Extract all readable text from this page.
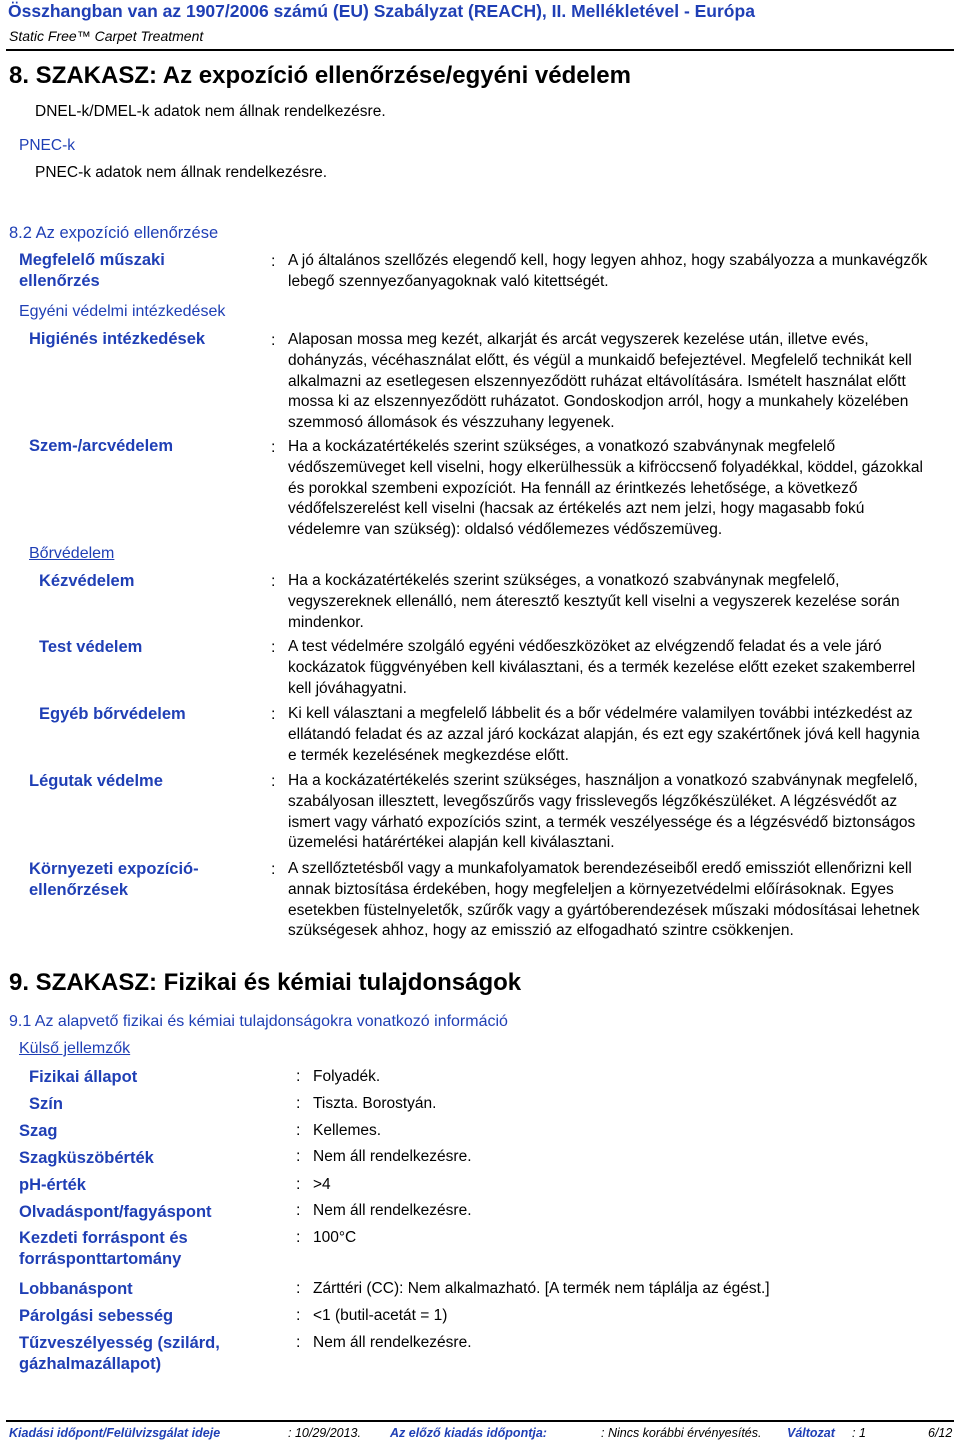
Összhangban van az 1907/2006 számú (EU) Szabályzat (REACH), II. Mellékletével - Európa
Static Free™ Carpet Treatment
8. SZAKASZ: Az expozíció ellenőrzése/egyéni védelem
DNEL-k/DMEL-k adatok nem állnak rendelkezésre.
PNEC-k
PNEC-k adatok nem állnak rendelkezésre.
8.2 Az expozíció ellenőrzése
Megfelelő műszaki ellenőrzés
: A jó általános szellőzés elegendő kell, hogy legyen ahhoz, hogy szabályozza a munkavégzők lebegő szennyezőanyagoknak való kitettségét.
Egyéni védelmi intézkedések
Higiénés intézkedések	: Alaposan mossa meg kezét, alkarját és arcát vegyszerek kezelése után, illetve evés, dohányzás, vécéhasználat előtt, és végül a munkaidő befejeztével. Megfelelő technikát kell alkalmazni az esetlegesen elszennyeződött ruházat eltávolítására. Ismételt használat előtt mossa ki az elszennyeződött ruházatot. Gondoskodjon arról, hogy a munkahely közelében szemmosó állomások és vészzuhany legyenek.
Szem-/arcvédelem	: Ha a kockázatértékelés szerint szükséges, a vonatkozó szabványnak megfelelő védőszemüveget kell viselni, hogy elkerülhessük a kifröccsenő folyadékkal, köddel, gázokkal és porokkal szembeni expozíciót. Ha fennáll az érintkezés lehetősége, a következő védőfelszerelést kell viselni (hacsak az értékelés azt nem jelzi, hogy magasabb fokú védelemre van szükség): oldalsó védőlemezes védőszemüveg.
Bőrvédelem
Kézvédelem	: Ha a kockázatértékelés szerint szükséges, a vonatkozó szabványnak megfelelő, vegyszereknek ellenálló, nem áteresztő kesztyűt kell viselni a vegyszerek kezelése során mindenkor.
Test védelem	: A test védelmére szolgáló egyéni védőeszközöket az elvégzendő feladat és a vele járó kockázatok függvényében kell kiválasztani, és a termék kezelése előtt ezeket szakemberrel kell jóváhagyatni.
Egyéb bőrvédelem	: Ki kell választani a megfelelő lábbelit és a bőr védelmére valamilyen további intézkedést az ellátandó feladat és az azzal járó kockázat alapján, és ezt egy szakértőnek jóvá kell hagynia e termék kezelésének megkezdése előtt.
Légutak védelme	: Ha a kockázatértékelés szerint szükséges, használjon a vonatkozó szabványnak megfelelő, szabályosan illesztett, levegőszűrős vagy frisslevegős légzőkészüléket. A légzésvédőt az ismert vagy várható expozíciós szint, a termék veszélyessége és a légzésvédő biztonságos üzemelési határértékei alapján kell kiválasztani.
Környezeti expozíció-ellenőrzések
: A szellőztetésből vagy a munkafolyamatok berendezéseiből eredő emissziót ellenőrizni kell annak biztosítása érdekében, hogy megfeleljen a környezetvédelmi előírásoknak. Egyes esetekben füstelnyeletők, szűrők vagy a gyártóberendezések műszaki módosításai lehetnek szükségesek ahhoz, hogy az emisszió az elfogadható szintre csökkenjen.
9. SZAKASZ: Fizikai és kémiai tulajdonságok
9.1 Az alapvető fizikai és kémiai tulajdonságokra vonatkozó információ
Külső jellemzők
Fizikai állapot	: Folyadék.
Szín	: Tiszta. Borostyán.
Szag	: Kellemes.
Szagküszöbérték	: Nem áll rendelkezésre.
pH-érték	: >4
Olvadáspont/fagyáspont	: Nem áll rendelkezésre.
Kezdeti forráspont és forrásponttartomány
: 100°C
Lobbanáspont	: Zárttéri (CC): Nem alkalmazható. [A termék nem táplálja az égést.]
Párolgási sebesség	: <1 (butil-acetát = 1)
Tűzveszélyesség (szilárd, gázhalmazállapot)
: Nem áll rendelkezésre.
Kiadási időpont/Felülvizsgálat ideje	: 10/29/2013. Az előző kiadás időpontja:	: Nincs korábbi érvényesítés. Változat : 1	6/12
